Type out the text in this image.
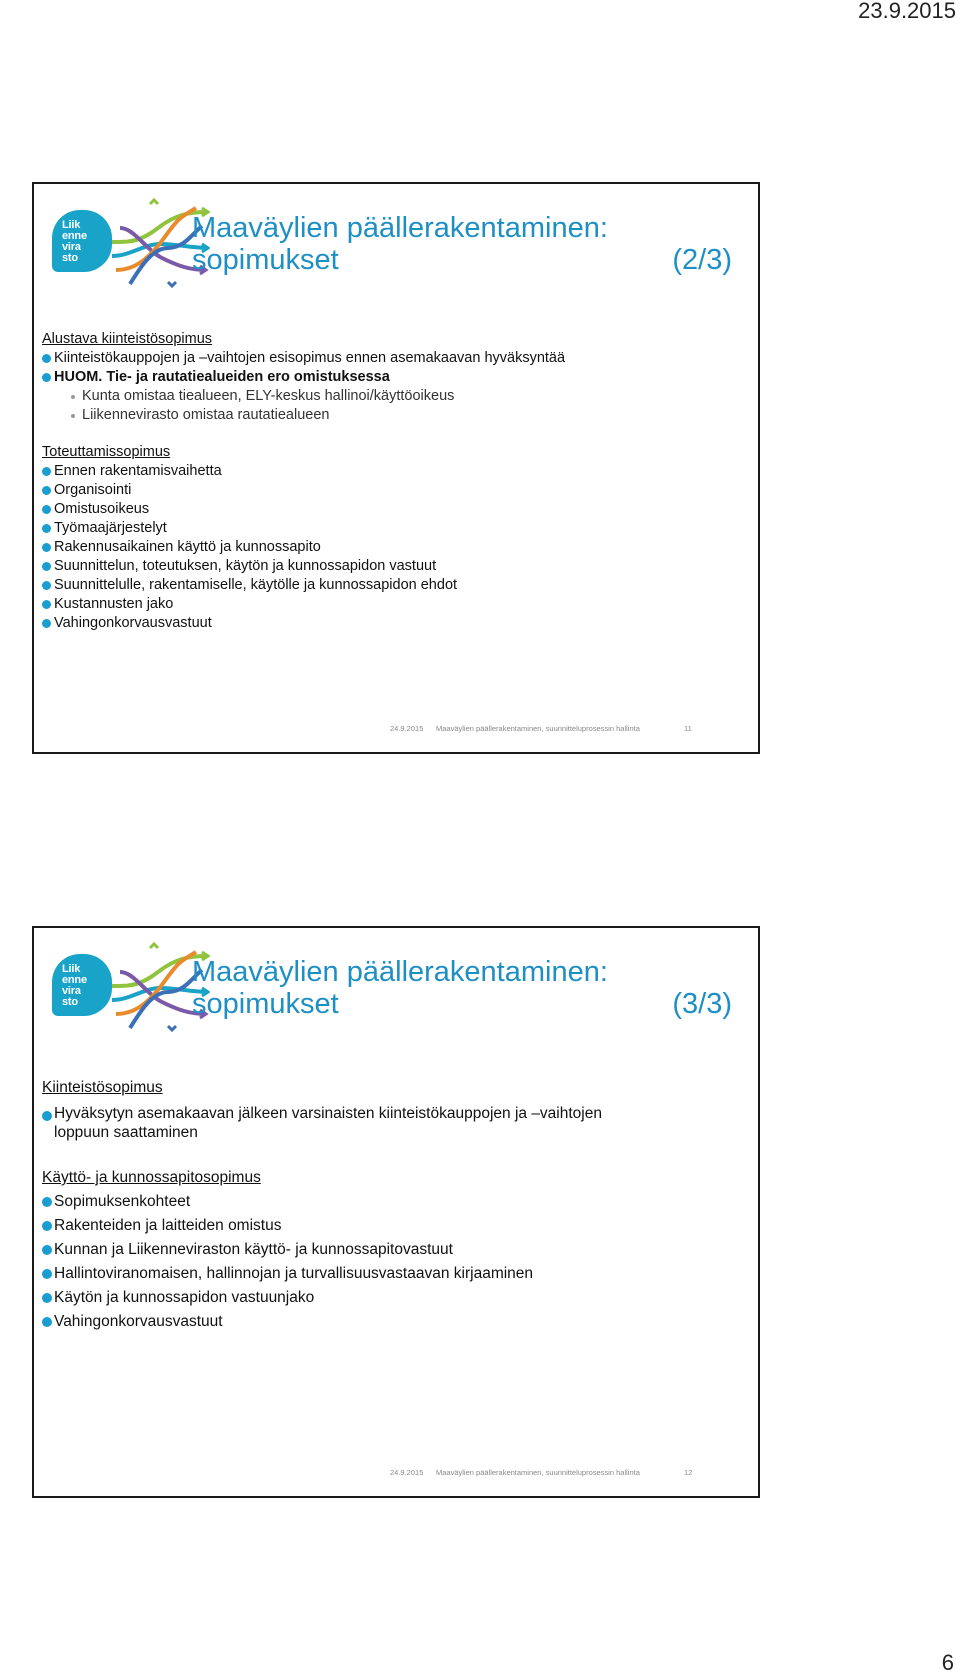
23.9.2015
Liik
enne
vira
sto
Maaväylien päällerakentaminen:
sopimukset	(2/3)
Alustava kiinteistösopimus
Kiinteistökauppojen ja –vaihtojen esisopimus ennen asemakaavan hyväksyntää
HUOM. Tie- ja rautatiealueiden ero omistuksessa
Kunta omistaa tiealueen, ELY-keskus hallinoi/käyttöoikeus
Liikennevirasto omistaa rautatiealueen
Toteuttamissopimus
Ennen rakentamisvaihetta
Organisointi
Omistusoikeus
Työmaajärjestelyt
Rakennusaikainen käyttö ja kunnossapito
Suunnittelun, toteutuksen, käytön ja kunnossapidon vastuut
Suunnittelulle, rakentamiselle, käytölle ja kunnossapidon ehdot
Kustannusten jako
Vahingonkorvausvastuut
24.9.2015 Maaväylien päällerakentaminen, suunnitteluprosessin hallinta	11
Liik
enne
vira
sto
Maaväylien päällerakentaminen:
sopimukset	(3/3)
Kiinteistösopimus
Hyväksytyn asemakaavan jälkeen varsinaisten kiinteistökauppojen ja –vaihtojen loppuun saattaminen
Käyttö- ja kunnossapitosopimus
Sopimuksenkohteet
Rakenteiden ja laitteiden omistus
Kunnan ja Liikenneviraston käyttö- ja kunnossapitovastuut
Hallintoviranomaisen, hallinnojan ja turvallisuusvastaavan kirjaaminen
Käytön ja kunnossapidon vastuunjako
Vahingonkorvausvastuut
24.9.2015 Maaväylien päällerakentaminen, suunnitteluprosessin hallinta	12
6
